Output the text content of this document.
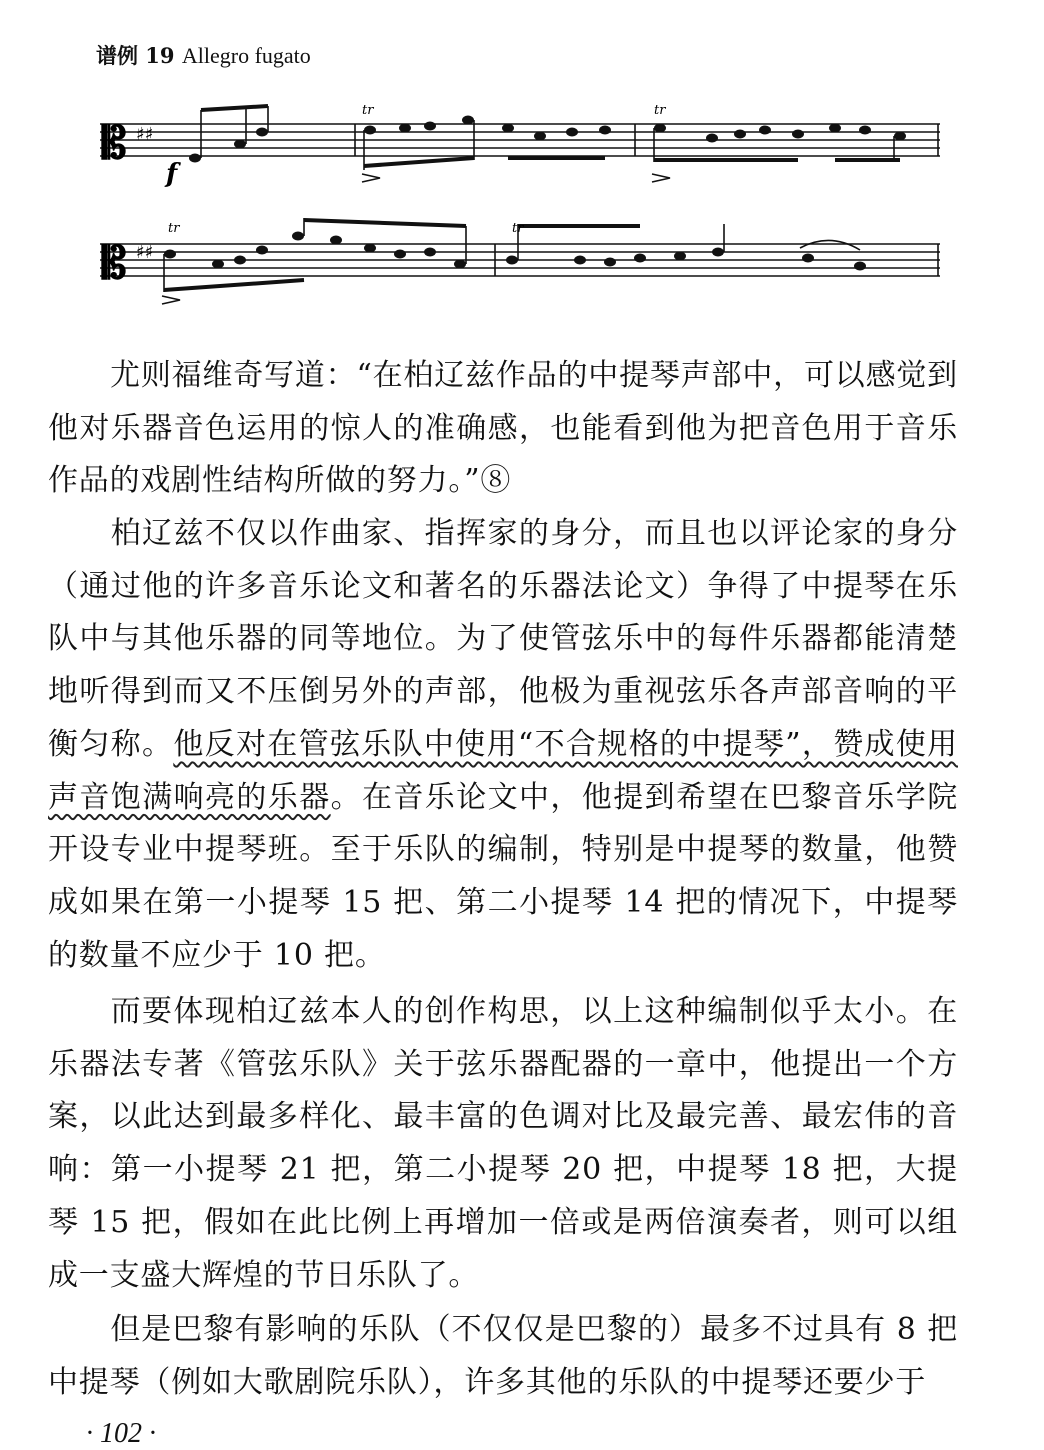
谱例 19 Allegro fugato
𝄡 ♯♯
f
tr	tr
𝄡 ♯♯
tr	tr
尤则福维奇写道：“在柏辽兹作品的中提琴声部中，可以感觉到他对乐器音色运用的惊人的准确感，也能看到他为把音色用于音乐作品的戏剧性结构所做的努力。”⑧
柏辽兹不仅以作曲家、指挥家的身分，而且也以评论家的身分（通过他的许多音乐论文和著名的乐器法论文）争得了中提琴在乐队中与其他乐器的同等地位。为了使管弦乐中的每件乐器都能清楚地听得到而又不压倒另外的声部，他极为重视弦乐各声部音响的平衡匀称。他反对在管弦乐队中使用“不合规格的中提琴”，赞成使用声音饱满响亮的乐器。在音乐论文中，他提到希望在巴黎音乐学院开设专业中提琴班。至于乐队的编制，特别是中提琴的数量，他赞成如果在第一小提琴 15 把、第二小提琴 14 把的情况下，中提琴的数量不应少于 10 把。
而要体现柏辽兹本人的创作构思，以上这种编制似乎太小。在乐器法专著《管弦乐队》关于弦乐器配器的一章中，他提出一个方案，以此达到最多样化、最丰富的色调对比及最完善、最宏伟的音响：第一小提琴 21 把，第二小提琴 20 把，中提琴 18 把，大提琴 15 把，假如在此比例上再增加一倍或是两倍演奏者，则可以组成一支盛大辉煌的节日乐队了。
但是巴黎有影响的乐队（不仅仅是巴黎的）最多不过具有 8 把中提琴（例如大歌剧院乐队），许多其他的乐队的中提琴还要少于
· 102 ·
